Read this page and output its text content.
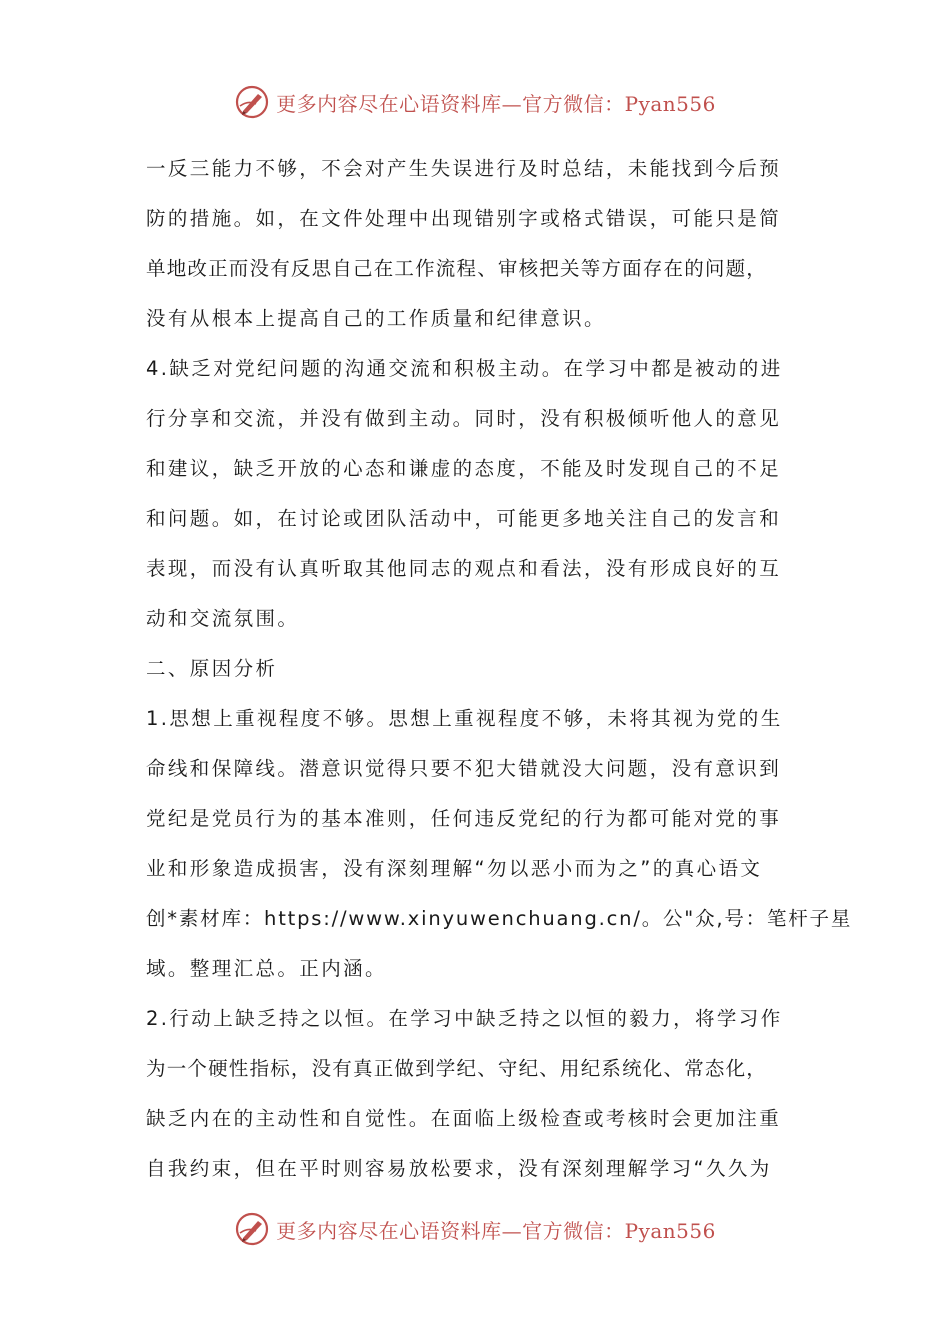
更多内容尽在心语资料库—官方微信：Pyan556
一反三能力不够，不会对产生失误进行及时总结，未能找到今后预
防的措施。如，在文件处理中出现错别字或格式错误，可能只是简
单地改正而没有反思自己在工作流程、审核把关等方面存在的问题，
没有从根本上提高自己的工作质量和纪律意识。
4.缺乏对党纪问题的沟通交流和积极主动。在学习中都是被动的进
行分享和交流，并没有做到主动。同时，没有积极倾听他人的意见
和建议，缺乏开放的心态和谦虚的态度，不能及时发现自己的不足
和问题。如，在讨论或团队活动中，可能更多地关注自己的发言和
表现，而没有认真听取其他同志的观点和看法，没有形成良好的互
动和交流氛围。
二、原因分析
1.思想上重视程度不够。思想上重视程度不够，未将其视为党的生
命线和保障线。潜意识觉得只要不犯大错就没大问题，没有意识到
党纪是党员行为的基本准则，任何违反党纪的行为都可能对党的事
业和形象造成损害，没有深刻理解“勿以恶小而为之”的真心语文
创*素材库：https://www.xinyuwenchuang.cn/。公"众,号：笔杆子星
域。整理汇总。正内涵。
2.行动上缺乏持之以恒。在学习中缺乏持之以恒的毅力，将学习作
为一个硬性指标，没有真正做到学纪、守纪、用纪系统化、常态化，
缺乏内在的主动性和自觉性。在面临上级检查或考核时会更加注重
自我约束，但在平时则容易放松要求，没有深刻理解学习“久久为
更多内容尽在心语资料库—官方微信：Pyan556
